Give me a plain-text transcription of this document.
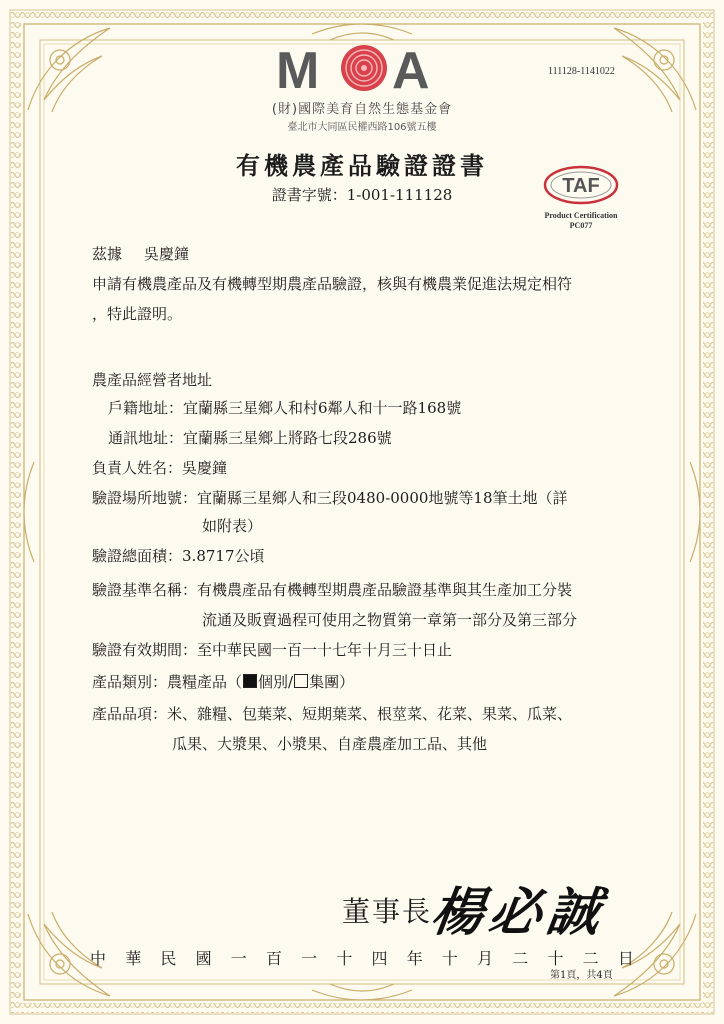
M A
(財)國際美育自然生態基金會
臺北市大同區民權西路106號五樓
111128-1141022
有機農產品驗證證書
證書字號：1-001-111128	TAF
Product Certification
PC077
茲據 吳慶鐘
申請有機農產品及有機轉型期農產品驗證，核與有機農業促進法規定相符
，特此證明。
農產品經營者地址
戶籍地址：宜蘭縣三星鄉人和村6鄰人和十一路168號
通訊地址：宜蘭縣三星鄉上將路七段286號
負責人姓名：吳慶鐘
驗證場所地號：宜蘭縣三星鄉人和三段0480-0000地號等18筆土地（詳
如附表）
驗證總面積：3.8717公頃
驗證基準名稱：有機農產品有機轉型期農產品驗證基準與其生產加工分裝
流通及販賣過程可使用之物質第一章第一部分及第三部分
驗證有效期間：至中華民國一百一十七年十月三十日止
產品類別：農糧產品（ 個別/ 集團）
產品品項：米、雜糧、包葉菜、短期葉菜、根莖菜、花菜、果菜、瓜菜、
瓜果、大漿果、小漿果、自產農產加工品、其他
董事長
楊必誠
中 華 民 國 一 百 一 十 四 年 十 月 二 十 二 日
第1頁，共4頁
